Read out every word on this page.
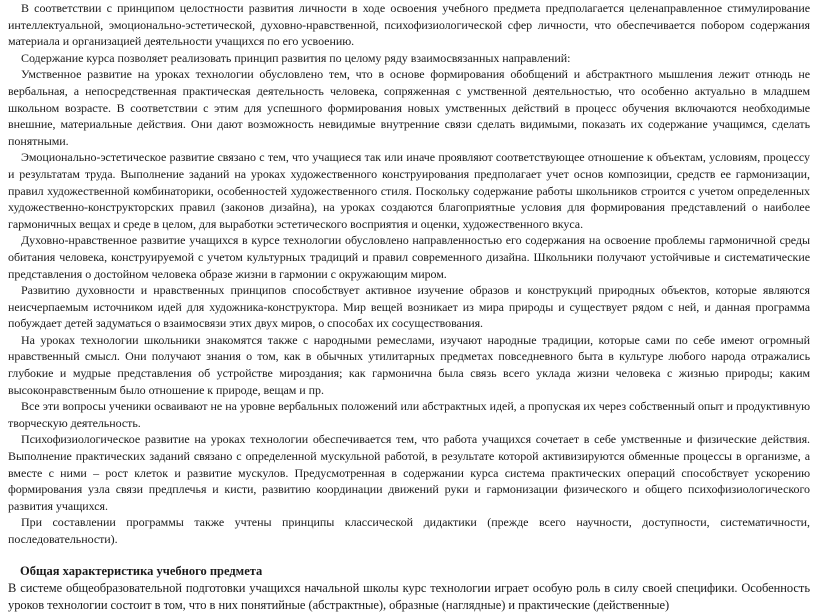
В соответствии с принципом целостности развития личности в ходе освоения учебного предмета предполагается целенаправленное стимулирование интеллектуальной, эмоционально-эстетической, духовно-нравственной, психофизиологической сфер личности, что обеспечивается побором содержания материала и организацией деятельности учащихся по его усвоению.

Содержание курса позволяет реализовать принцип развития по целому ряду взаимосвязанных направлений:

Умственное развитие на уроках технологии обусловлено тем, что в основе формирования обобщений и абстрактного мышления лежит отнюдь не вербальная, а непосредственная практическая деятельность человека, сопряженная с умственной деятельностью, что особенно актуально в младшем школьном возрасте. В соответствии с этим для успешного формирования новых умственных действий в процесс обучения включаются необходимые внешние, материальные действия. Они дают возможность невидимые внутренние связи сделать видимыми, показать их содержание учащимся, сделать понятными.

Эмоционально-эстетическое развитие связано с тем, что учащиеся так или иначе проявляют соответствующее отношение к объектам, условиям, процессу и результатам труда. Выполнение заданий на уроках художественного конструирования предполагает учет основ композиции, средств ее гармонизации, правил художественной комбинаторики, особенностей художественного стиля. Поскольку содержание работы школьников строится с учетом определенных художественно-конструкторских правил (законов дизайна), на уроках создаются благоприятные условия для формирования представлений о наиболее гармоничных вещах и среде в целом, для выработки эстетического восприятия и оценки, художественного вкуса.

Духовно-нравственное развитие учащихся в курсе технологии обусловлено направленностью его содержания на освоение проблемы гармоничной среды обитания человека, конструируемой с учетом культурных традиций и правил современного дизайна. Школьники получают устойчивые и систематические представления о достойном человека образе жизни в гармонии с окружающим миром.

Развитию духовности и нравственных принципов способствует активное изучение образов и конструкций природных объектов, которые являются неисчерпаемым источником идей для художника-конструктора. Мир вещей возникает из мира природы и существует рядом с ней, и данная программа побуждает детей задуматься о взаимосвязи этих двух миров, о способах их сосуществования.

На уроках технологии школьники знакомятся также с народными ремеслами, изучают народные традиции, которые сами по себе имеют огромный нравственный смысл. Они получают знания о том, как в обычных утилитарных предметах повседневного быта в культуре любого народа отражались глубокие и мудрые представления об устройстве мироздания; как гармонична была связь всего уклада жизни человека с жизнью природы; каким высоконравственным было отношение к природе, вещам и пр.

Все эти вопросы ученики осваивают не на уровне вербальных положений или абстрактных идей, а пропуская их через собственный опыт и продуктивную творческую деятельность.

Психофизиологическое развитие на уроках технологии обеспечивается тем, что работа учащихся сочетает в себе умственные и физические действия. Выполнение практических заданий связано с определенной мускульной работой, в результате которой активизируются обменные процессы в организме, а вместе с ними – рост клеток и развитие мускулов. Предусмотренная в содержании курса система практических операций способствует ускорению формирования узла связи предплечья и кисти, развитию координации движений руки и гармонизации физического и общего психофизиологического развития учащихся.

При составлении программы также учтены принципы классической дидактики (прежде всего научности, доступности, систематичности, последовательности).

Общая характеристика учебного предмета

В системе общеобразовательной подготовки учащихся начальной школы курс технологии играет особую роль в силу своей специфики. Особенность уроков технологии состоит в том, что в них понятийные (абстрактные), образные (наглядные) и практические (действенные)
